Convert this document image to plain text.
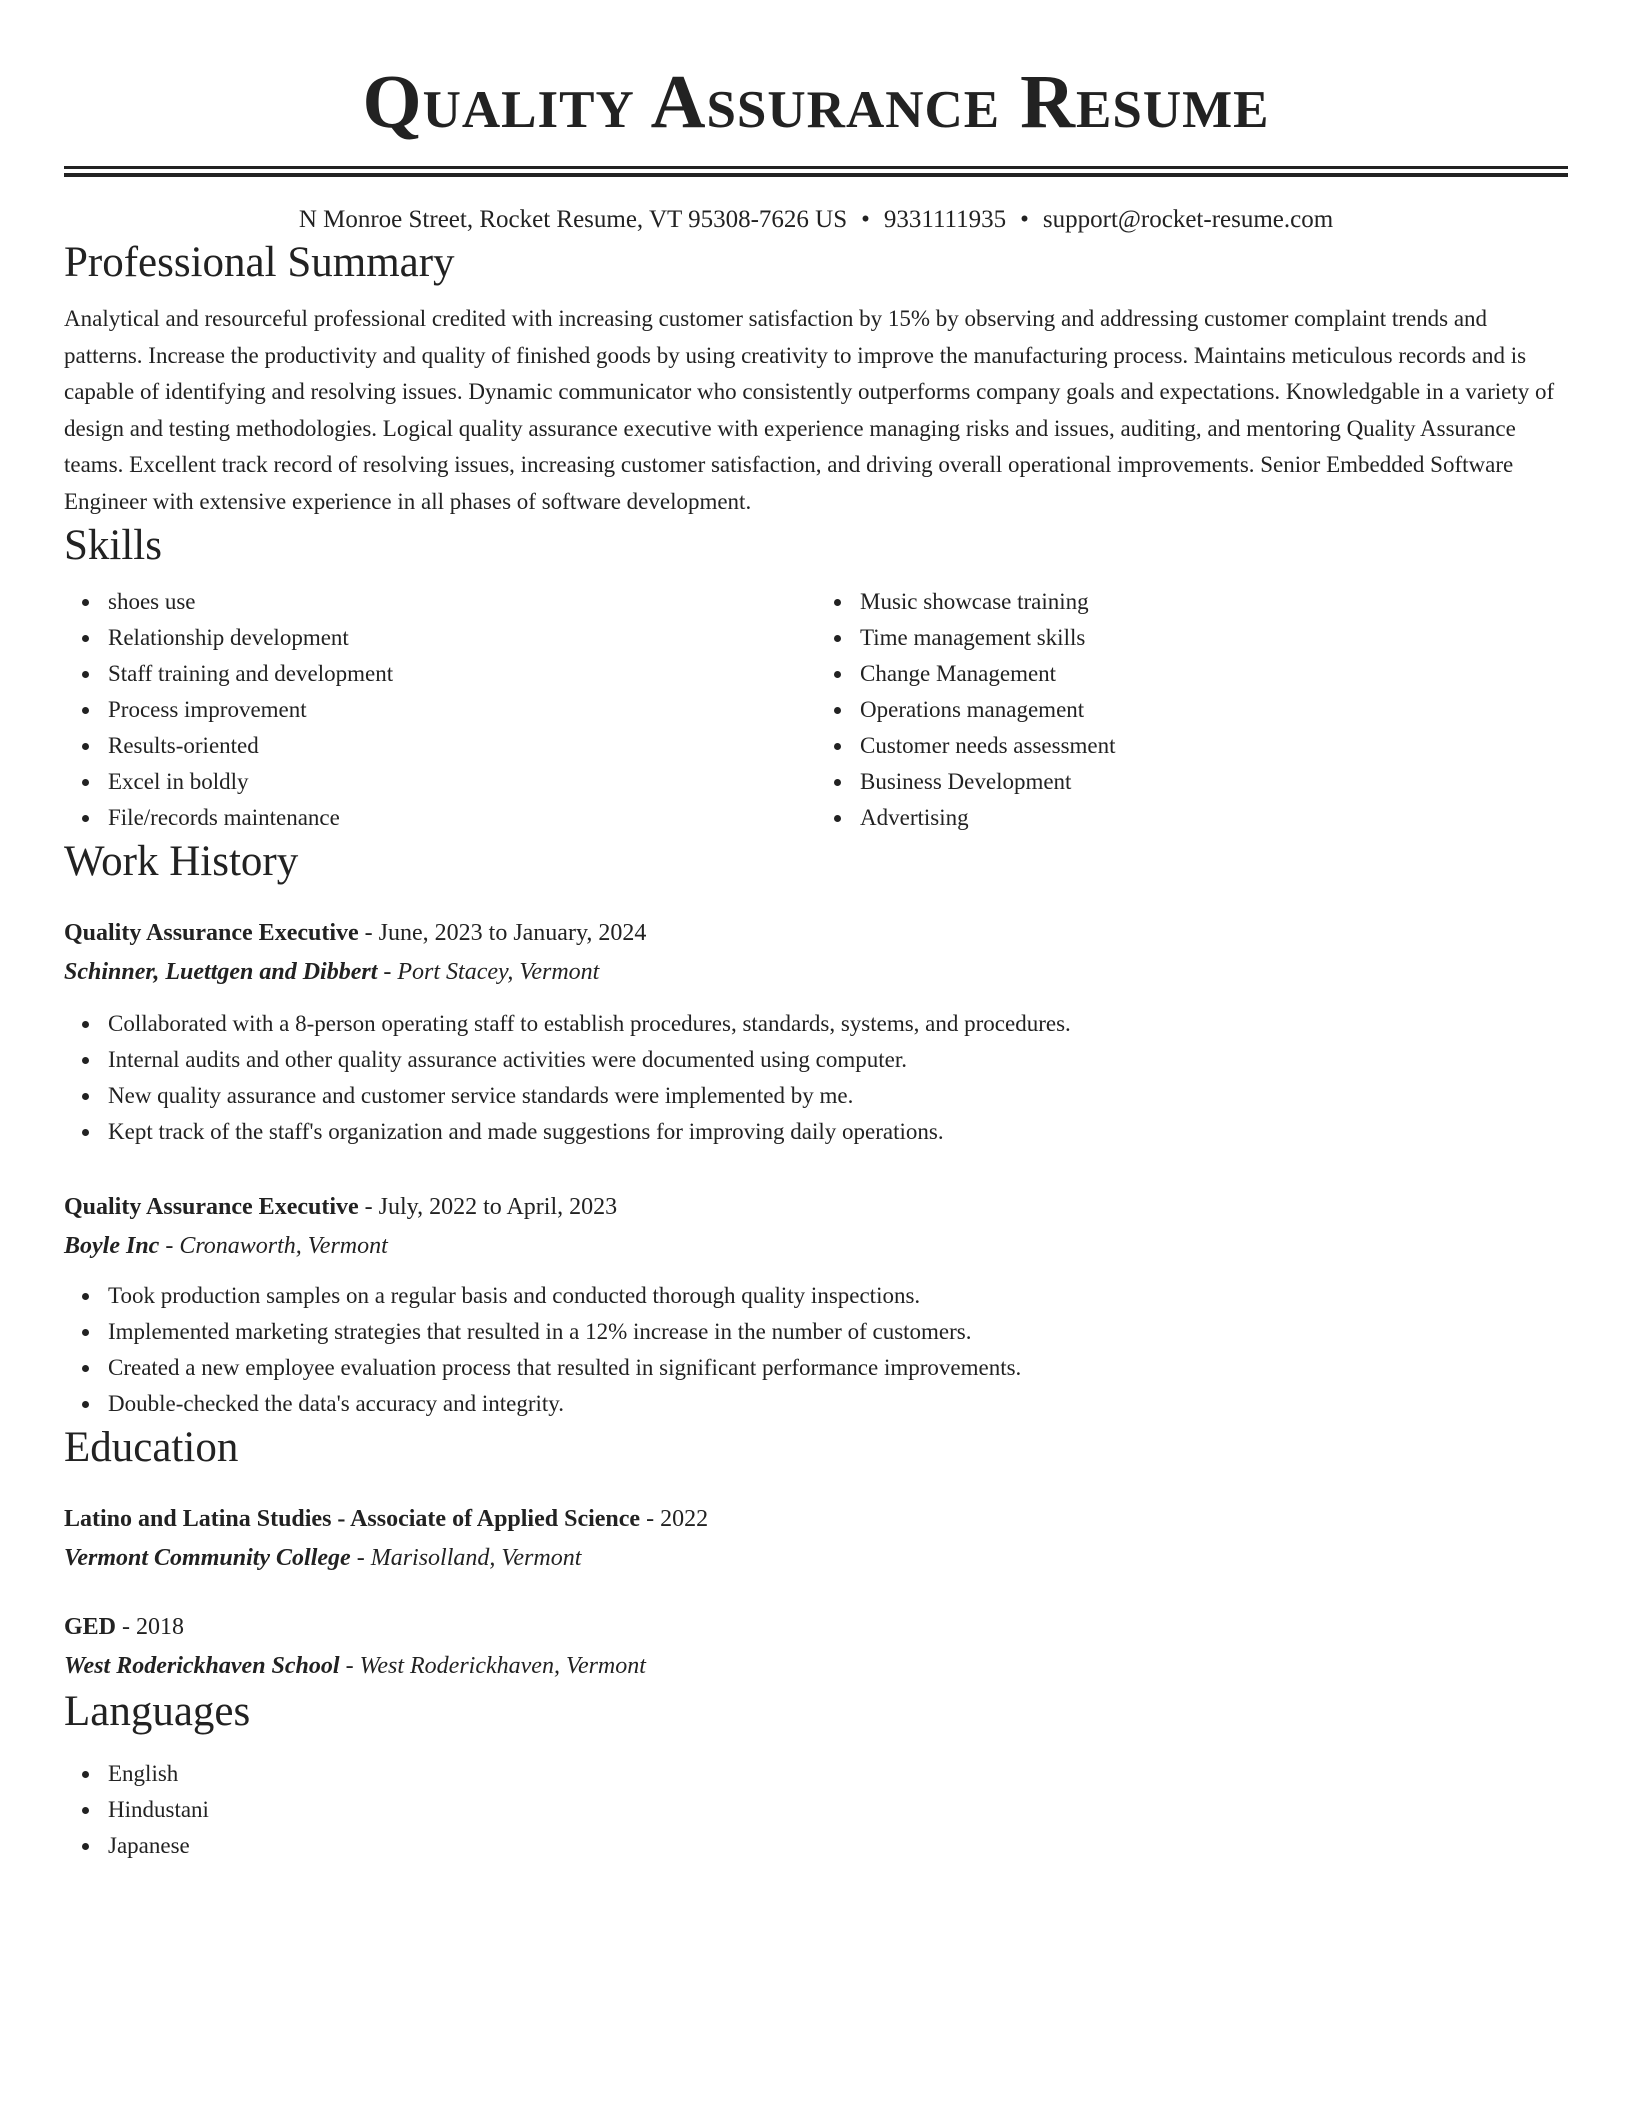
Quality Assurance Resume
N Monroe Street, Rocket Resume, VT 95308-7626 US • 9331111935 • support@rocket-resume.com
Professional Summary

Analytical and resourceful professional credited with increasing customer satisfaction by 15% by observing and addressing customer complaint trends and patterns. Increase the productivity and quality of finished goods by using creativity to improve the manufacturing process. Maintains meticulous records and is capable of identifying and resolving issues. Dynamic communicator who consistently outperforms company goals and expectations. Knowledgable in a variety of design and testing methodologies. Logical quality assurance executive with experience managing risks and issues, auditing, and mentoring Quality Assurance teams. Excellent track record of resolving issues, increasing customer satisfaction, and driving overall operational improvements. Senior Embedded Software Engineer with extensive experience in all phases of software development.

Skills
shoes use
Relationship development
Staff training and development
Process improvement
Results-oriented
Excel in boldly
File/records maintenance
Music showcase training
Time management skills
Change Management
Operations management
Customer needs assessment
Business Development
Advertising
Work History
Quality Assurance Executive - June, 2023 to January, 2024
Schinner, Luettgen and Dibbert - Port Stacey, Vermont
Collaborated with a 8-person operating staff to establish procedures, standards, systems, and procedures.
Internal audits and other quality assurance activities were documented using computer.
New quality assurance and customer service standards were implemented by me.
Kept track of the staff's organization and made suggestions for improving daily operations.
Quality Assurance Executive - July, 2022 to April, 2023
Boyle Inc - Cronaworth, Vermont
Took production samples on a regular basis and conducted thorough quality inspections.
Implemented marketing strategies that resulted in a 12% increase in the number of customers.
Created a new employee evaluation process that resulted in significant performance improvements.
Double-checked the data's accuracy and integrity.
Education
Latino and Latina Studies - Associate of Applied Science - 2022
Vermont Community College - Marisolland, Vermont
GED - 2018
West Roderickhaven School - West Roderickhaven, Vermont
Languages
English
Hindustani
Japanese
